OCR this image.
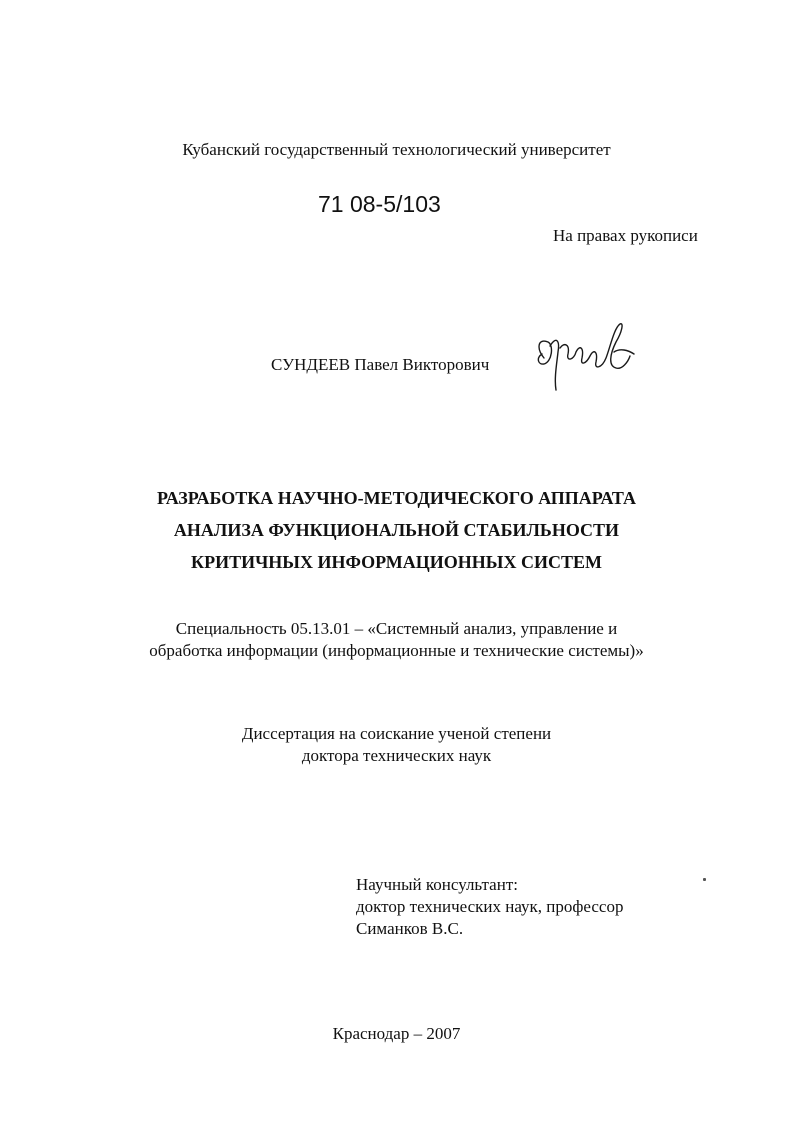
Кубанский государственный технологический университет
71 08-5/103
На правах рукописи
СУНДЕЕВ Павел Викторович
РАЗРАБОТКА НАУЧНО-МЕТОДИЧЕСКОГО АППАРАТА
АНАЛИЗА ФУНКЦИОНАЛЬНОЙ СТАБИЛЬНОСТИ
КРИТИЧНЫХ ИНФОРМАЦИОННЫХ СИСТЕМ
Специальность 05.13.01 – «Системный анализ, управление и
обработка информации (информационные и технические системы)»
Диссертация на соискание ученой степени
доктора технических наук
Научный консультант:
доктор технических наук, профессор
Симанков В.С.
Краснодар – 2007
